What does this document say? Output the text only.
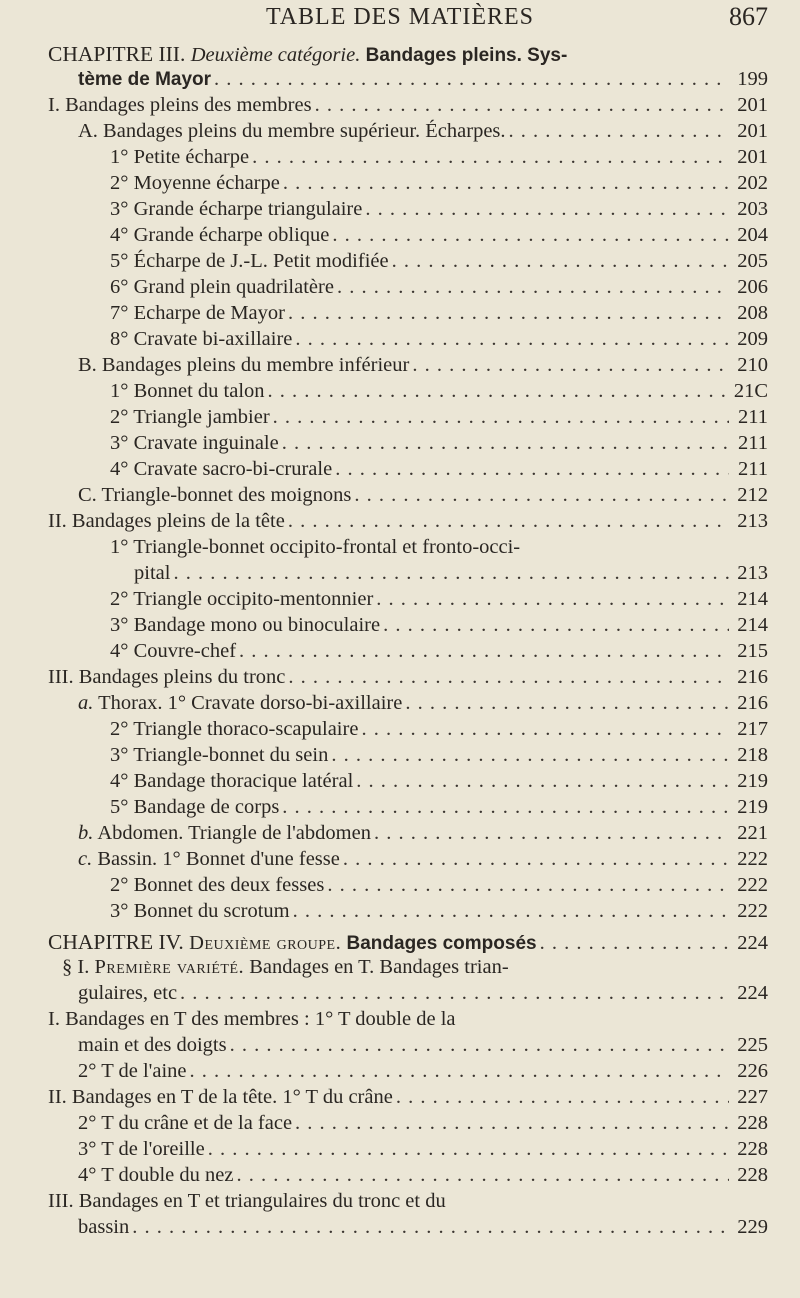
TABLE DES MATIÈRES	867
CHAPITRE III. Deuxième catégorie. Bandages pleins. Sys-
tème de Mayor . . .	199
I. Bandages pleins des membres . . .	201
A. Bandages pleins du membre supérieur. Écharpes. . . .	201
1° Petite écharpe . . .	201
2° Moyenne écharpe . . .	202
3° Grande écharpe triangulaire . . .	203
4° Grande écharpe oblique . . .	204
5° Écharpe de J.-L. Petit modifiée . . .	205
6° Grand plein quadrilatère . . .	206
7° Echarpe de Mayor . . .	208
8° Cravate bi-axillaire . . .	209
B. Bandages pleins du membre inférieur . . .	210
1° Bonnet du talon . . .	21C
2° Triangle jambier . . .	211
3° Cravate inguinale . . .	211
4° Cravate sacro-bi-crurale . . .	211
C. Triangle-bonnet des moignons . . .	212
II. Bandages pleins de la tête . . .	213
1° Triangle-bonnet occipito-frontal et fronto-occi-
pital . . .	213
2° Triangle occipito-mentonnier . . .	214
3° Bandage mono ou binoculaire . . .	214
4° Couvre-chef . . .	215
III. Bandages pleins du tronc . . .	216
a. Thorax. 1° Cravate dorso-bi-axillaire . . .	216
2° Triangle thoraco-scapulaire . . .	217
3° Triangle-bonnet du sein . . .	218
4° Bandage thoracique latéral . . .	219
5° Bandage de corps . . .	219
b. Abdomen. Triangle de l'abdomen . . .	221
c. Bassin. 1° Bonnet d'une fesse . . .	222
2° Bonnet des deux fesses . . .	222
3° Bonnet du scrotum . . .	222
CHAPITRE IV. Deuxième groupe. Bandages composés . . .	224
§ I. Première variété. Bandages en T. Bandages trian-
gulaires, etc . . .	224
I. Bandages en T des membres : 1° T double de la
main et des doigts . . .	225
2° T de l'aine . . .	226
II. Bandages en T de la tête. 1° T du crâne . . .	227
2° T du crâne et de la face . . .	228
3° T de l'oreille . . .	228
4° T double du nez . . .	228
III. Bandages en T et triangulaires du tronc et du
bassin . . .	229
